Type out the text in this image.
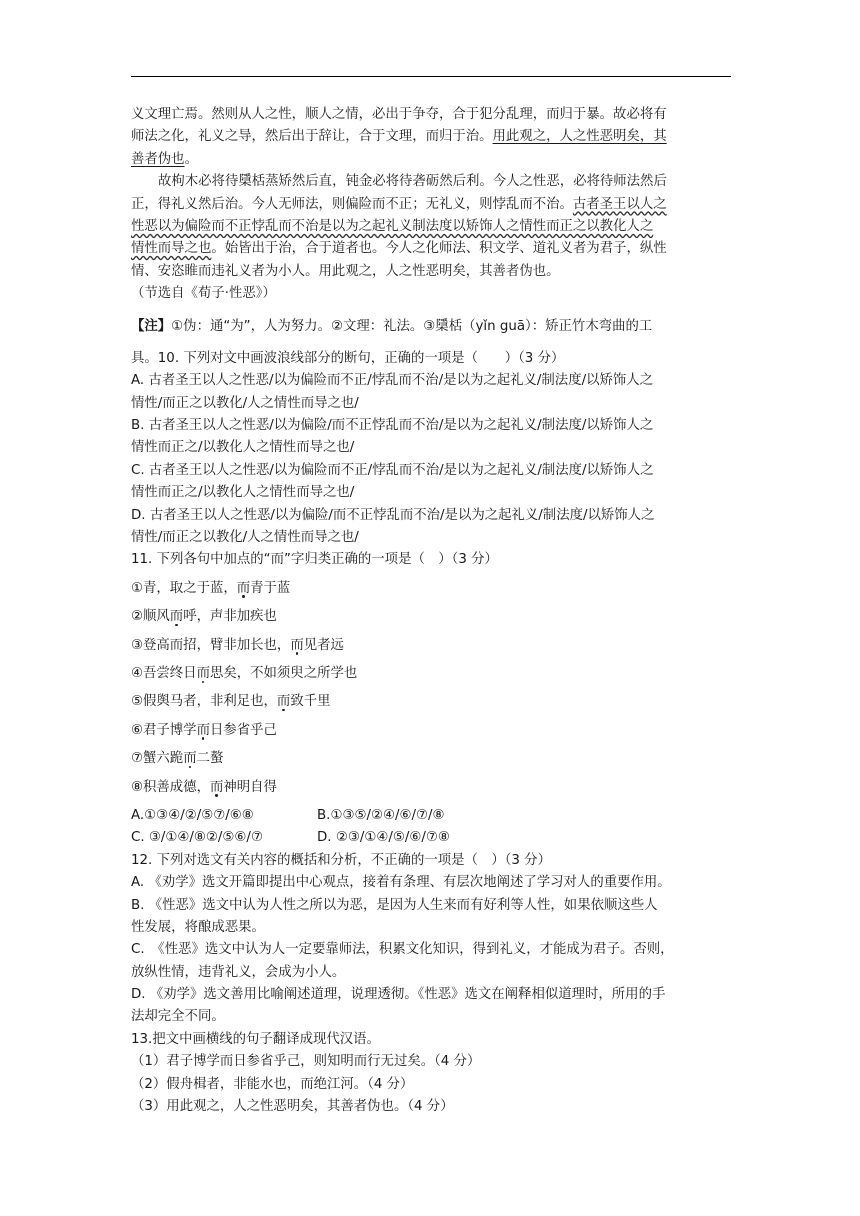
义文理亡焉。然则从人之性，顺人之情，必出于争夺，合于犯分乱理，而归于暴。故必将有
师法之化，礼义之导，然后出于辞让，合于文理，而归于治。用此观之，人之性恶明矣，其
善者伪也。
故枸木必将待檃栝蒸矫然后直，钝金必将待砻砺然后利。今人之性恶，必将待师法然后
正，得礼义然后治。今人无师法，则偏险而不正；无礼义，则悖乱而不治。古者圣王以人之
性恶以为偏险而不正悖乱而不治是以为之起礼义制法度以矫饰人之情性而正之以教化人之
情性而导之也。始皆出于治，合于道者也。今人之化师法、积文学、道礼义者为君子，纵性
情、安恣睢而违礼义者为小人。用此观之，人之性恶明矣，其善者伪也。
（节选自《荀子·性恶》）
【注】①伪：通“为”，人为努力。②文理：礼法。③檃栝（yǐn guā）：矫正竹木弯曲的工
具。10. 下列对文中画波浪线部分的断句，正确的一项是（　　）（3 分）
A. 古者圣王以人之性恶/以为偏险而不正/悖乱而不治/是以为之起礼义/制法度/以矫饰人之
情性/而正之以教化/人之情性而导之也/
B. 古者圣王以人之性恶/以为偏险/而不正悖乱而不治/是以为之起礼义/制法度/以矫饰人之
情性而正之/以教化人之情性而导之也/
C. 古者圣王以人之性恶/以为偏险而不正/悖乱而不治/是以为之起礼义/制法度/以矫饰人之
情性而正之/以教化人之情性而导之也/
D. 古者圣王以人之性恶/以为偏险/而不正悖乱而不治/是以为之起礼义/制法度/以矫饰人之
情性/而正之以教化/人之情性而导之也/
11. 下列各句中加点的“而”字归类正确的一项是（　）（3 分）
①青，取之于蓝，而青于蓝
②顺风而呼，声非加疾也
③登高而招，臂非加长也，而见者远
④吾尝终日而思矣，不如须臾之所学也
⑤假舆马者，非利足也，而致千里
⑥君子博学而日参省乎己
⑦蟹六跪而二螯
⑧积善成德，而神明自得
A.①③④/②/⑤⑦/⑥⑧	B.①③⑤/②④/⑥/⑦/⑧
C. ③/①④/⑧②/⑤⑥/⑦	D. ②③/①④/⑤/⑥/⑦⑧
12. 下列对选文有关内容的概括和分析，不正确的一项是（　）（3 分）
A. 《劝学》选文开篇即提出中心观点，接着有条理、有层次地阐述了学习对人的重要作用。
B. 《性恶》选文中认为人性之所以为恶，是因为人生来而有好利等人性，如果依顺这些人
性发展，将酿成恶果。
C.　《性恶》选文中认为人一定要靠师法，积累文化知识，得到礼义，才能成为君子。否则，
放纵性情，违背礼义，会成为小人。
D. 《劝学》选文善用比喻阐述道理，说理透彻。《性恶》选文在阐释相似道理时，所用的手
法却完全不同。
13.把文中画横线的句子翻译成现代汉语。
（1）君子博学而日参省乎己，则知明而行无过矣。（4 分）
（2）假舟楫者，非能水也，而绝江河。（4 分）
（3）用此观之，人之性恶明矣，其善者伪也。（4 分）
